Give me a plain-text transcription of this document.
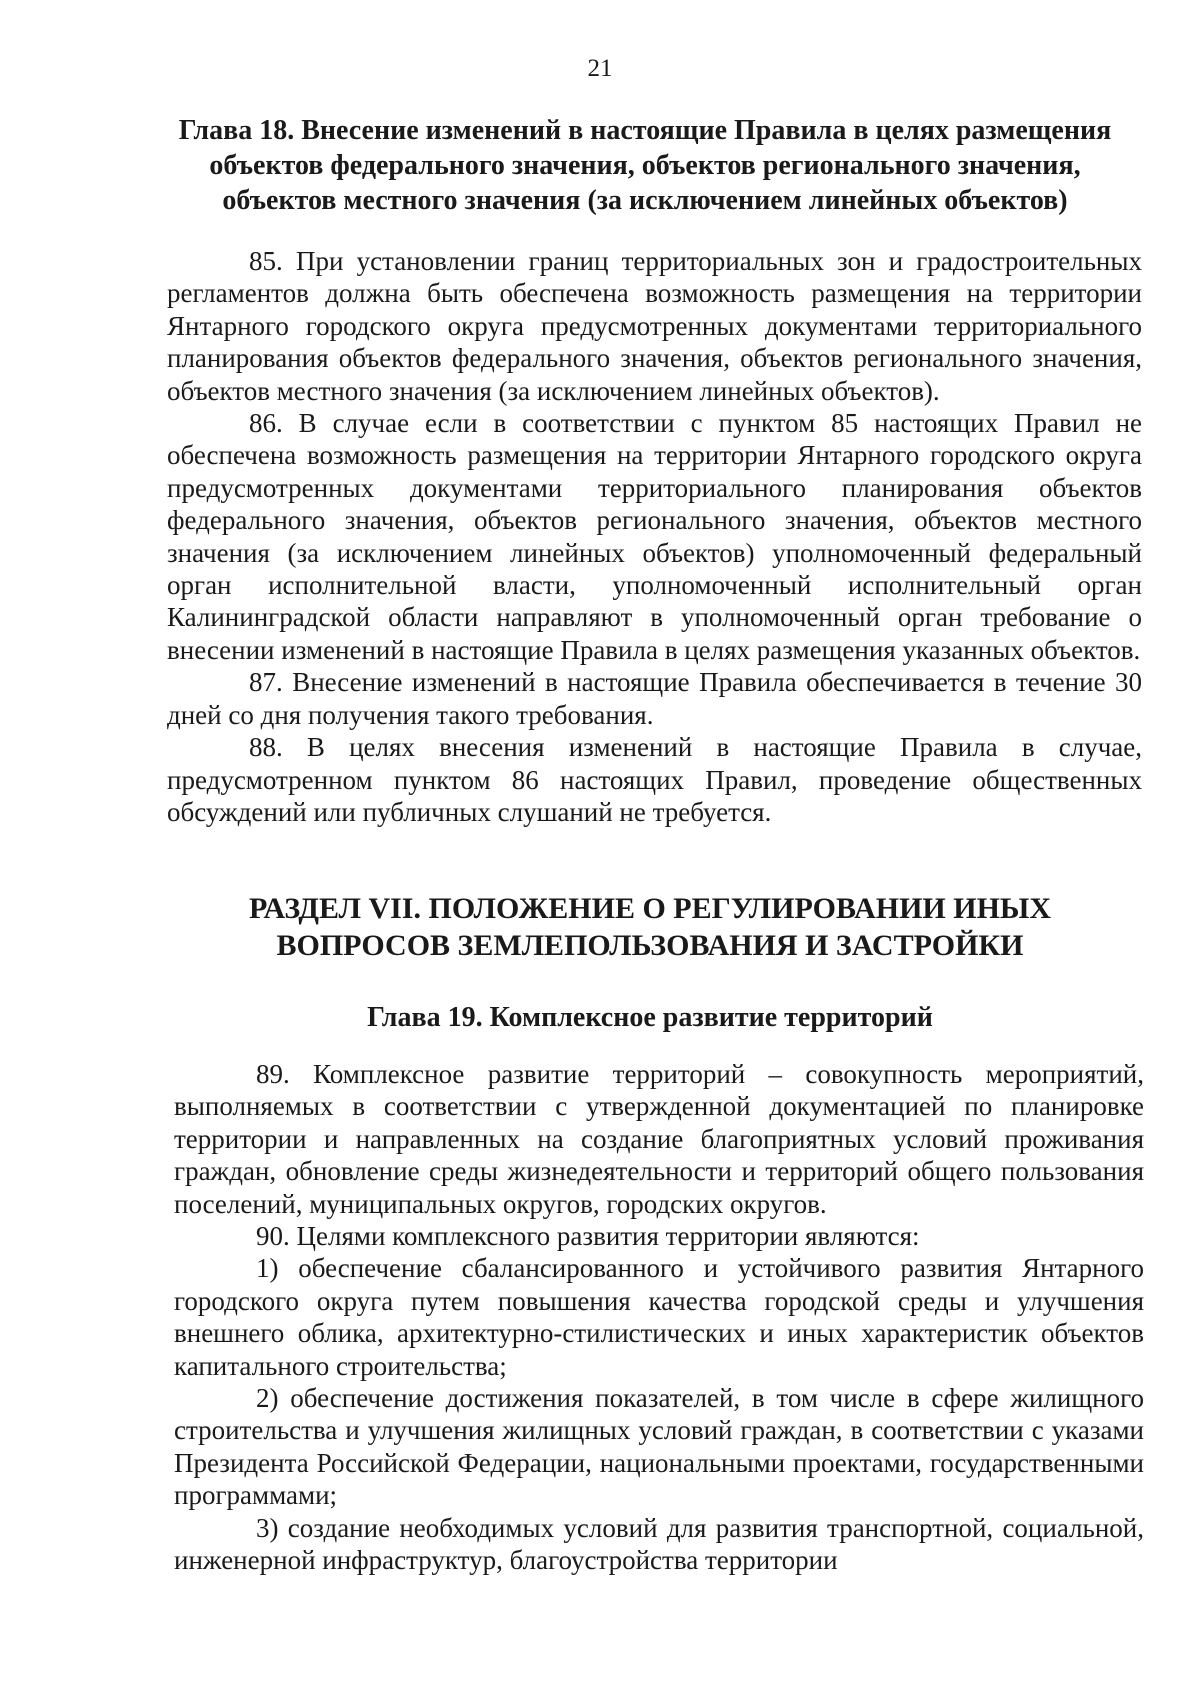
21
Глава 18. Внесение изменений в настоящие Правила в целях размещения объектов федерального значения, объектов регионального значения, объектов местного значения (за исключением линейных объектов)

85. При установлении границ территориальных зон и градостроительных регламентов должна быть обеспечена возможность размещения на территории Янтарного городского округа предусмотренных документами территориального планирования объектов федерального значения, объектов регионального значения, объектов местного значения (за исключением линейных объектов).

86. В случае если в соответствии с пунктом 85 настоящих Правил не обеспечена возможность размещения на территории Янтарного городского округа предусмотренных документами территориального планирования объектов федерального значения, объектов регионального значения, объектов местного значения (за исключением линейных объектов) уполномоченный федеральный орган исполнительной власти, уполномоченный исполнительный орган Калининградской области направляют в уполномоченный орган требование о внесении изменений в настоящие Правила в целях размещения указанных объектов.

87. Внесение изменений в настоящие Правила обеспечивается в течение 30 дней со дня получения такого требования.

88. В целях внесения изменений в настоящие Правила в случае, предусмотренном пунктом 86 настоящих Правил, проведение общественных обсуждений или публичных слушаний не требуется.

РАЗДЕЛ VII. ПОЛОЖЕНИЕ О РЕГУЛИРОВАНИИ ИНЫХ ВОПРОСОВ ЗЕМЛЕПОЛЬЗОВАНИЯ И ЗАСТРОЙКИ
Глава 19. Комплексное развитие территорий

89. Комплексное развитие территорий – совокупность мероприятий, выполняемых в соответствии с утвержденной документацией по планировке территории и направленных на создание благоприятных условий проживания граждан, обновление среды жизнедеятельности и территорий общего пользования поселений, муниципальных округов, городских округов.

90. Целями комплексного развития территории являются:

1) обеспечение сбалансированного и устойчивого развития Янтарного городского округа путем повышения качества городской среды и улучшения внешнего облика, архитектурно-стилистических и иных характеристик объектов капитального строительства;

2) обеспечение достижения показателей, в том числе в сфере жилищного строительства и улучшения жилищных условий граждан, в соответствии с указами Президента Российской Федерации, национальными проектами, государственными программами;

3) создание необходимых условий для развития транспортной, социальной, инженерной инфраструктур, благоустройства территории
